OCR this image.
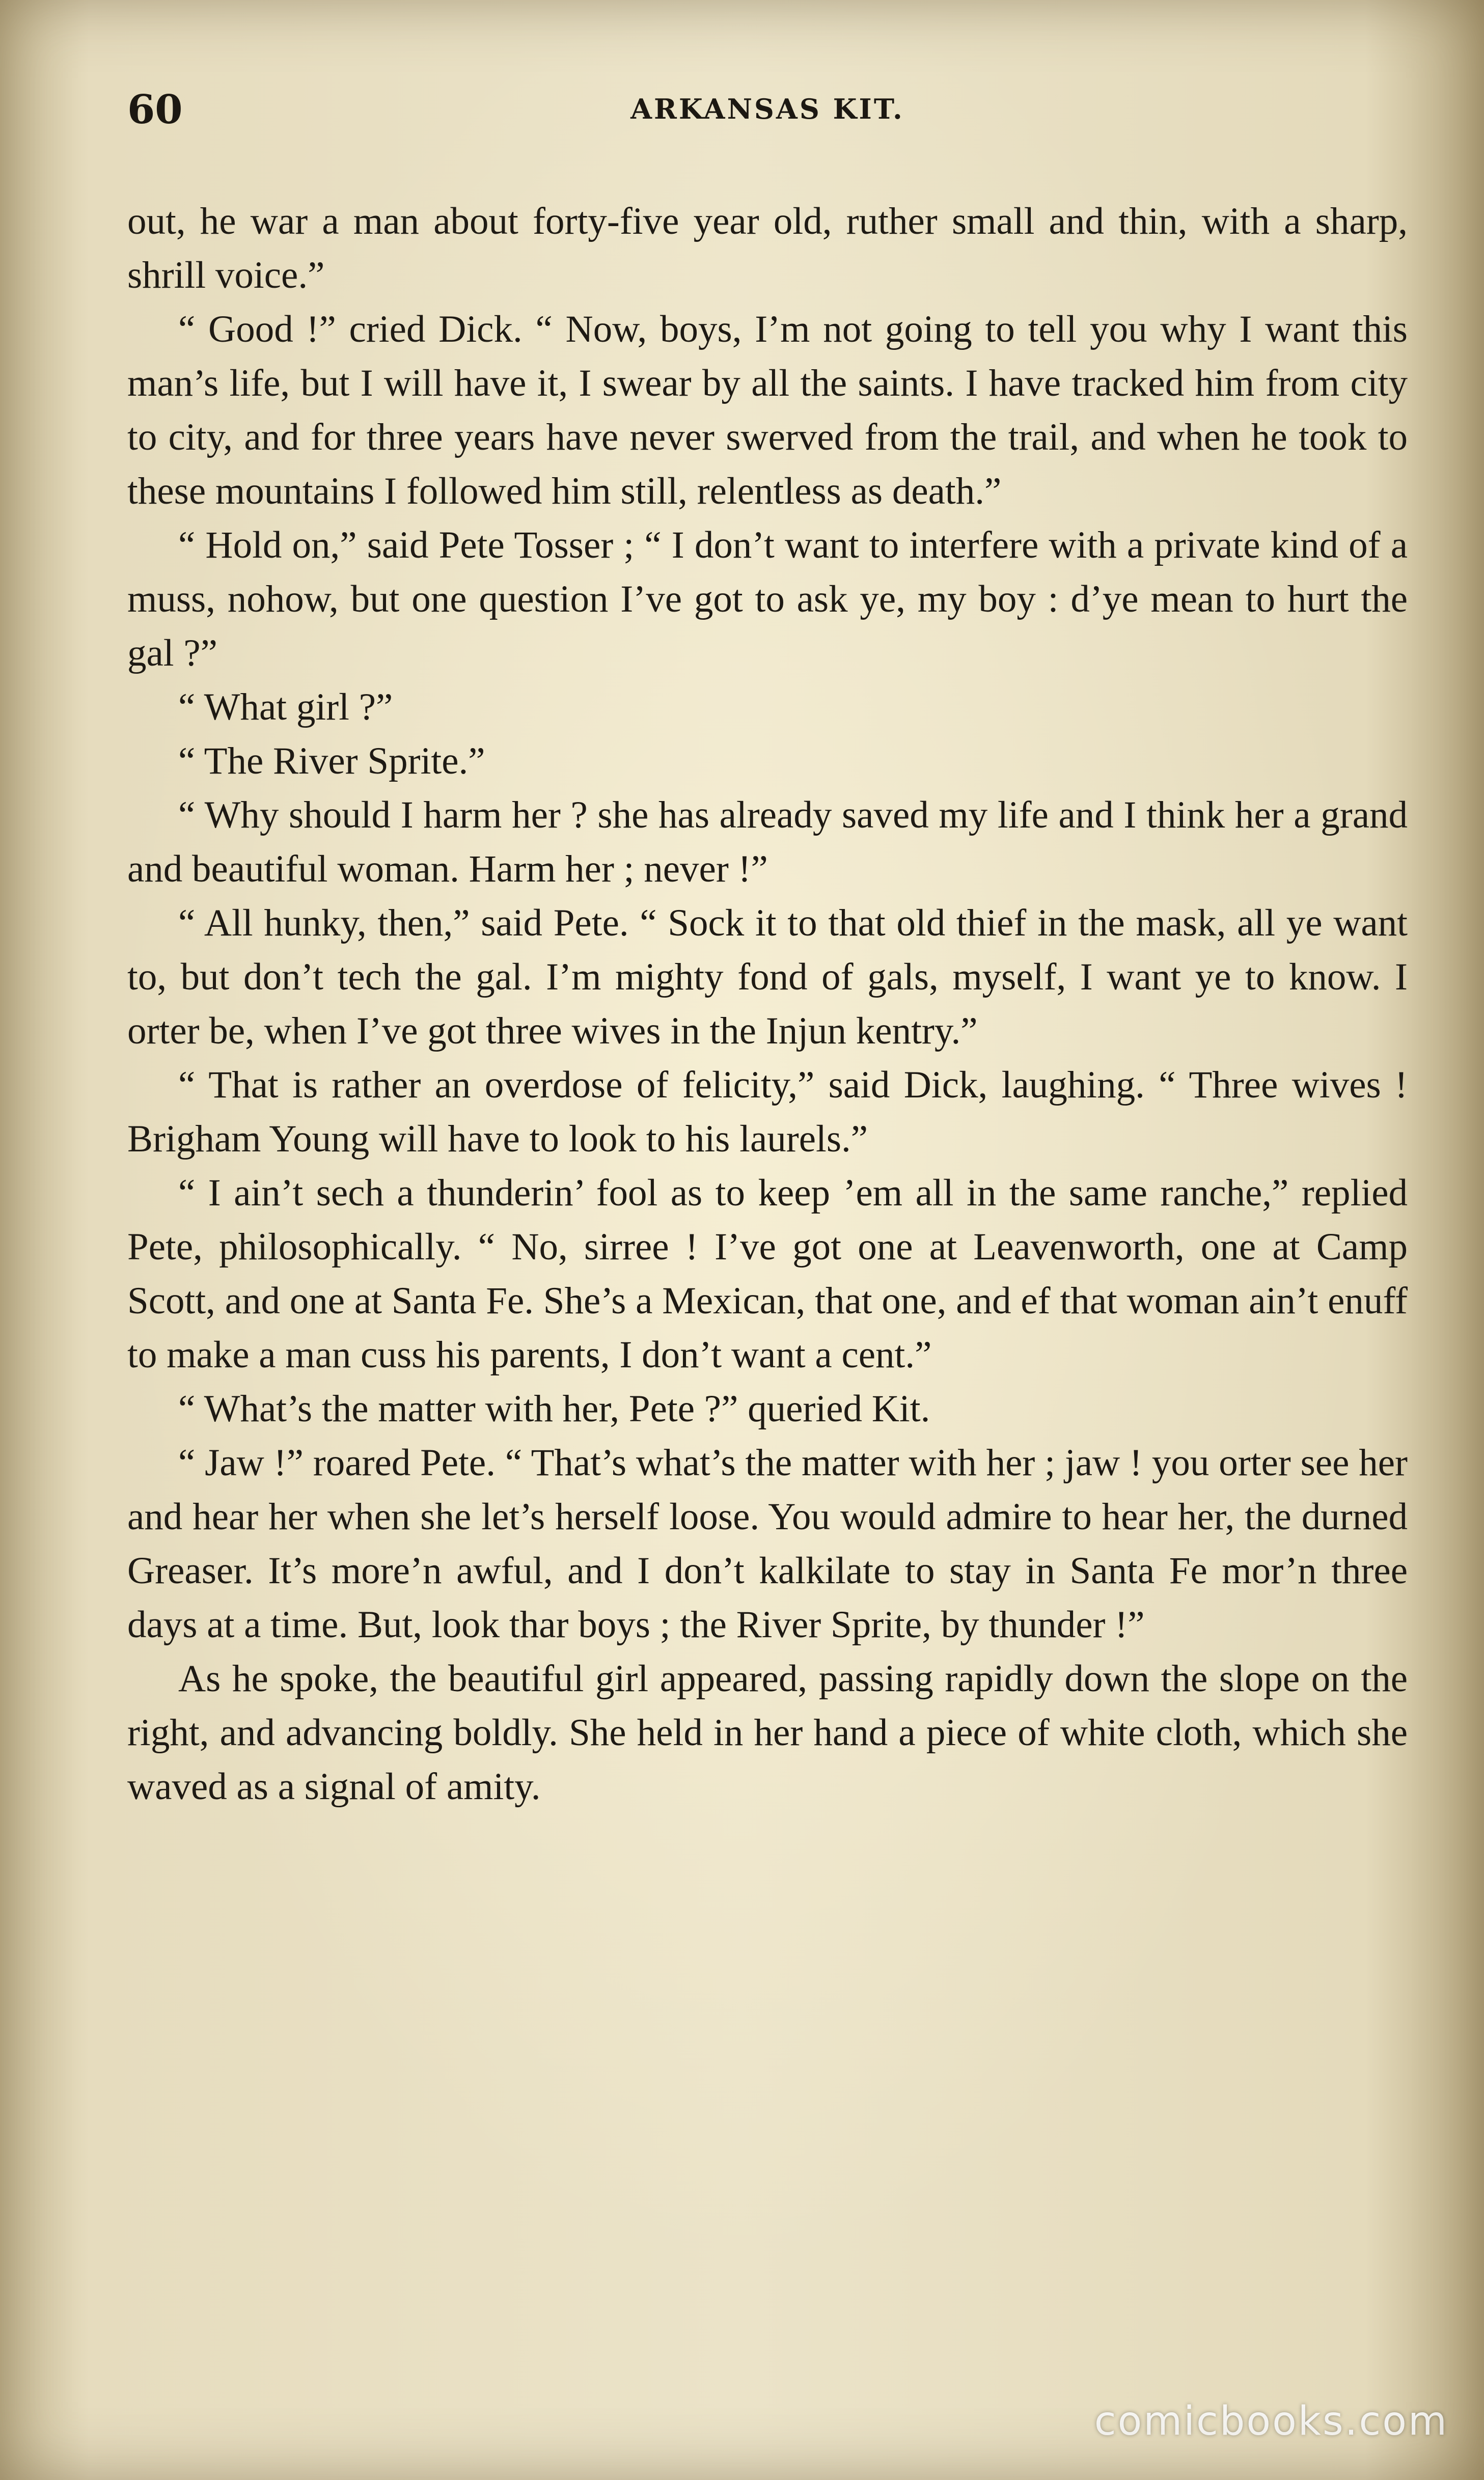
60	ARKANSAS KIT.

out, he war a man about forty-five year old, ruther small and thin, with a sharp, shrill voice.”

“ Good !” cried Dick. “ Now, boys, I’m not going to tell you why I want this man’s life, but I will have it, I swear by all the saints. I have tracked him from city to city, and for three years have never swerved from the trail, and when he took to these mountains I followed him still, relentless as death.”

“ Hold on,” said Pete Tosser ; “ I don’t want to interfere with a private kind of a muss, nohow, but one question I’ve got to ask ye, my boy : d’ye mean to hurt the gal ?”

“ What girl ?”

“ The River Sprite.”

“ Why should I harm her ? she has already saved my life and I think her a grand and beautiful woman. Harm her ; never !”

“ All hunky, then,” said Pete. “ Sock it to that old thief in the mask, all ye want to, but don’t tech the gal. I’m mighty fond of gals, myself, I want ye to know. I orter be, when I’ve got three wives in the Injun kentry.”

“ That is rather an overdose of felicity,” said Dick, laughing. “ Three wives ! Brigham Young will have to look to his laurels.”

“ I ain’t sech a thunderin’ fool as to keep ’em all in the same ranche,” replied Pete, philosophically. “ No, sirree ! I’ve got one at Leavenworth, one at Camp Scott, and one at Santa Fe. She’s a Mexican, that one, and ef that woman ain’t enuff to make a man cuss his parents, I don’t want a cent.”

“ What’s the matter with her, Pete ?” queried Kit.

“ Jaw !” roared Pete. “ That’s what’s the matter with her ; jaw ! you orter see her and hear her when she let’s herself loose. You would admire to hear her, the durned Greaser. It’s more’n awful, and I don’t kalkilate to stay in Santa Fe mor’n three days at a time. But, look thar boys ; the River Sprite, by thunder !”

As he spoke, the beautiful girl appeared, passing rapidly down the slope on the right, and advancing boldly. She held in her hand a piece of white cloth, which she waved as a signal of amity.

comicbooks.com
